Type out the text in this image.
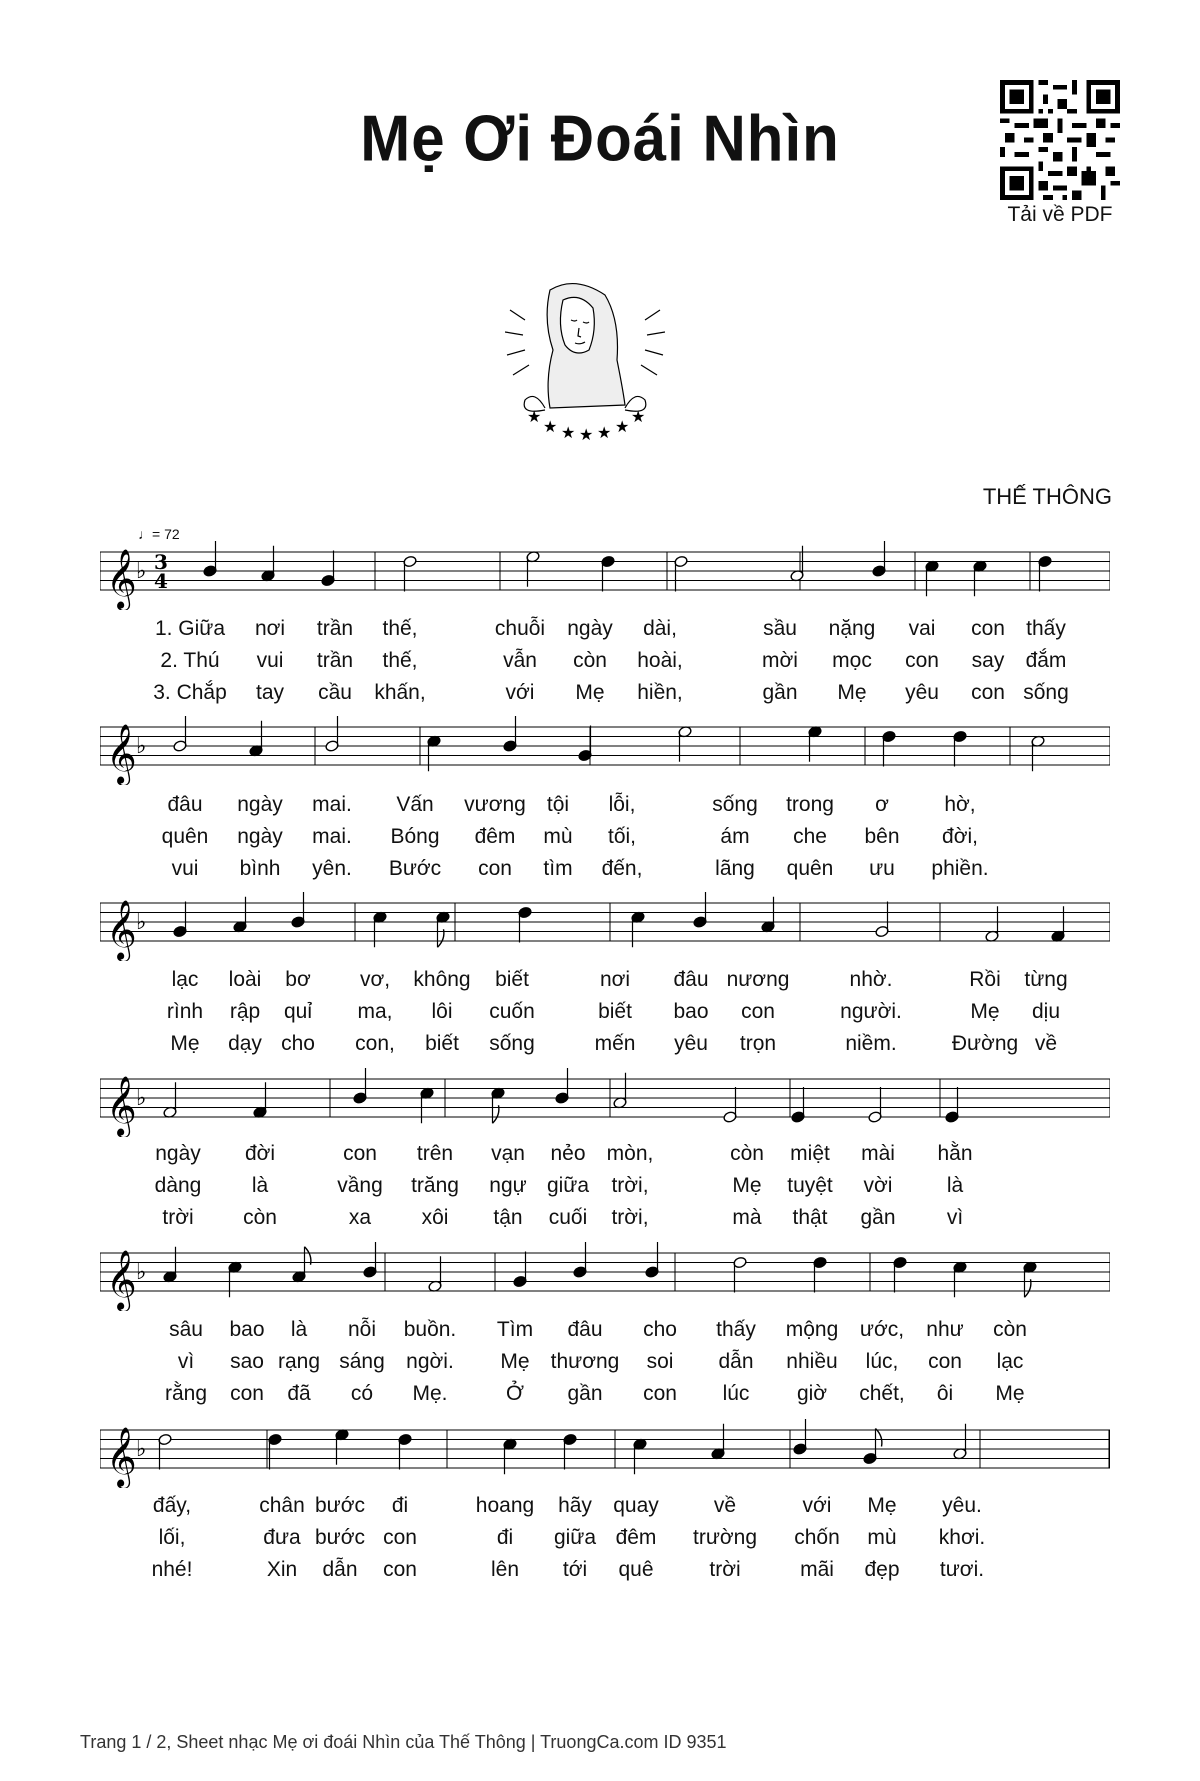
Mẹ Ơi Đoái Nhìn
Tải về PDF
★
★ ★ ★ ★ ★
★
THẾ THÔNG
♩= 72
𝄞 ♭ 3
4
1. Giữa nơi trần thế,	chuỗi ngày dài,	sầu nặng vai con thấy
2. Thú vui trần thế,	vẫn còn hoài,	mời mọc con say đắm
3. Chắp tay cầu khấn,	với Mẹ hiền,	gần Mẹ yêu con sống
𝄞 ♭
đâu ngày mai. Vấn vương tội lỗi,	sống trong ơ	hờ,
quên ngày mai. Bóng đêm mù tối,	ám che bên đời,
vui bình yên. Bước con tìm đến,	lãng quên ưu phiền.
𝄞 ♭
lạc loài bơ vơ, không biết	nơi đâu nương	nhờ.	Rồi từng
rình rập quỉ ma, lôi cuốn	biết bao con	người.	Mẹ dịu
Mẹ dạy cho con, biết sống	mến yêu trọn	niềm.	Đường về
𝄞 ♭
ngày đời	con trên vạn nẻo mòn,	còn miệt mài hằn
dàng là	vầng trăng ngự giữa trời,	Mẹ tuyệt vời	là
trời còn	xa xôi tận cuối trời,	mà thật gần vì
𝄞 ♭
sâu bao là nỗi buồn. Tìm đâu cho thấy mộng ước, như còn
vì sao rạng sáng ngời. Mẹ thương soi dẫn nhiều lúc, con lạc
rằng con đã có Mẹ.	Ở gần con lúc giờ chết, ôi Mẹ
𝄞 ♭
đấy,	chân bước đi	hoang hãy quay	về	với Mẹ yêu.
lối,	đưa bước con	đi giữa đêm trường chốn mù khơi.
nhé!	Xin dẫn con	lên tới quê	trời	mãi đẹp tươi.
Trang 1 / 2, Sheet nhạc Mẹ ơi đoái Nhìn của Thế Thông | TruongCa.com ID 9351
